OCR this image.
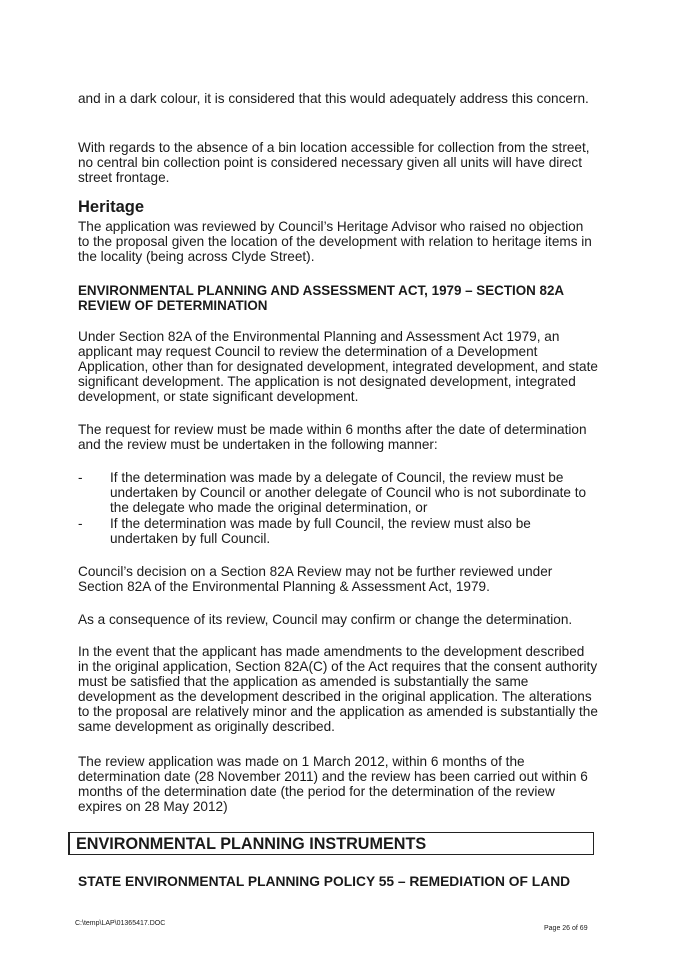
and in a dark colour, it is considered that this would adequately address this concern.

With regards to the absence of a bin location accessible for collection from the street, no central bin collection point is considered necessary given all units will have direct street frontage.

Heritage

The application was reviewed by Council’s Heritage Advisor who raised no objection to the proposal given the location of the development with relation to heritage items in the locality (being across Clyde Street).

ENVIRONMENTAL PLANNING AND ASSESSMENT ACT, 1979 – SECTION 82A REVIEW OF DETERMINATION

Under Section 82A of the Environmental Planning and Assessment Act 1979, an applicant may request Council to review the determination of a Development Application, other than for designated development, integrated development, and state significant development. The application is not designated development, integrated development, or state significant development.

The request for review must be made within 6 months after the date of determination and the review must be undertaken in the following manner:

- If the determination was made by a delegate of Council, the review must be undertaken by Council or another delegate of Council who is not subordinate to the delegate who made the original determination, or
- If the determination was made by full Council, the review must also be undertaken by full Council.

Council’s decision on a Section 82A Review may not be further reviewed under Section 82A of the Environmental Planning & Assessment Act, 1979.

As a consequence of its review, Council may confirm or change the determination.

In the event that the applicant has made amendments to the development described in the original application, Section 82A(C) of the Act requires that the consent authority must be satisfied that the application as amended is substantially the same development as the development described in the original application. The alterations to the proposal are relatively minor and the application as amended is substantially the same development as originally described.

The review application was made on 1 March 2012, within 6 months of the determination date (28 November 2011) and the review has been carried out within 6 months of the determination date (the period for the determination of the review expires on 28 May 2012)

ENVIRONMENTAL PLANNING INSTRUMENTS
STATE ENVIRONMENTAL PLANNING POLICY 55 – REMEDIATION OF LAND
C:\temp\LAP\01365417.DOC
Page 26 of 69
